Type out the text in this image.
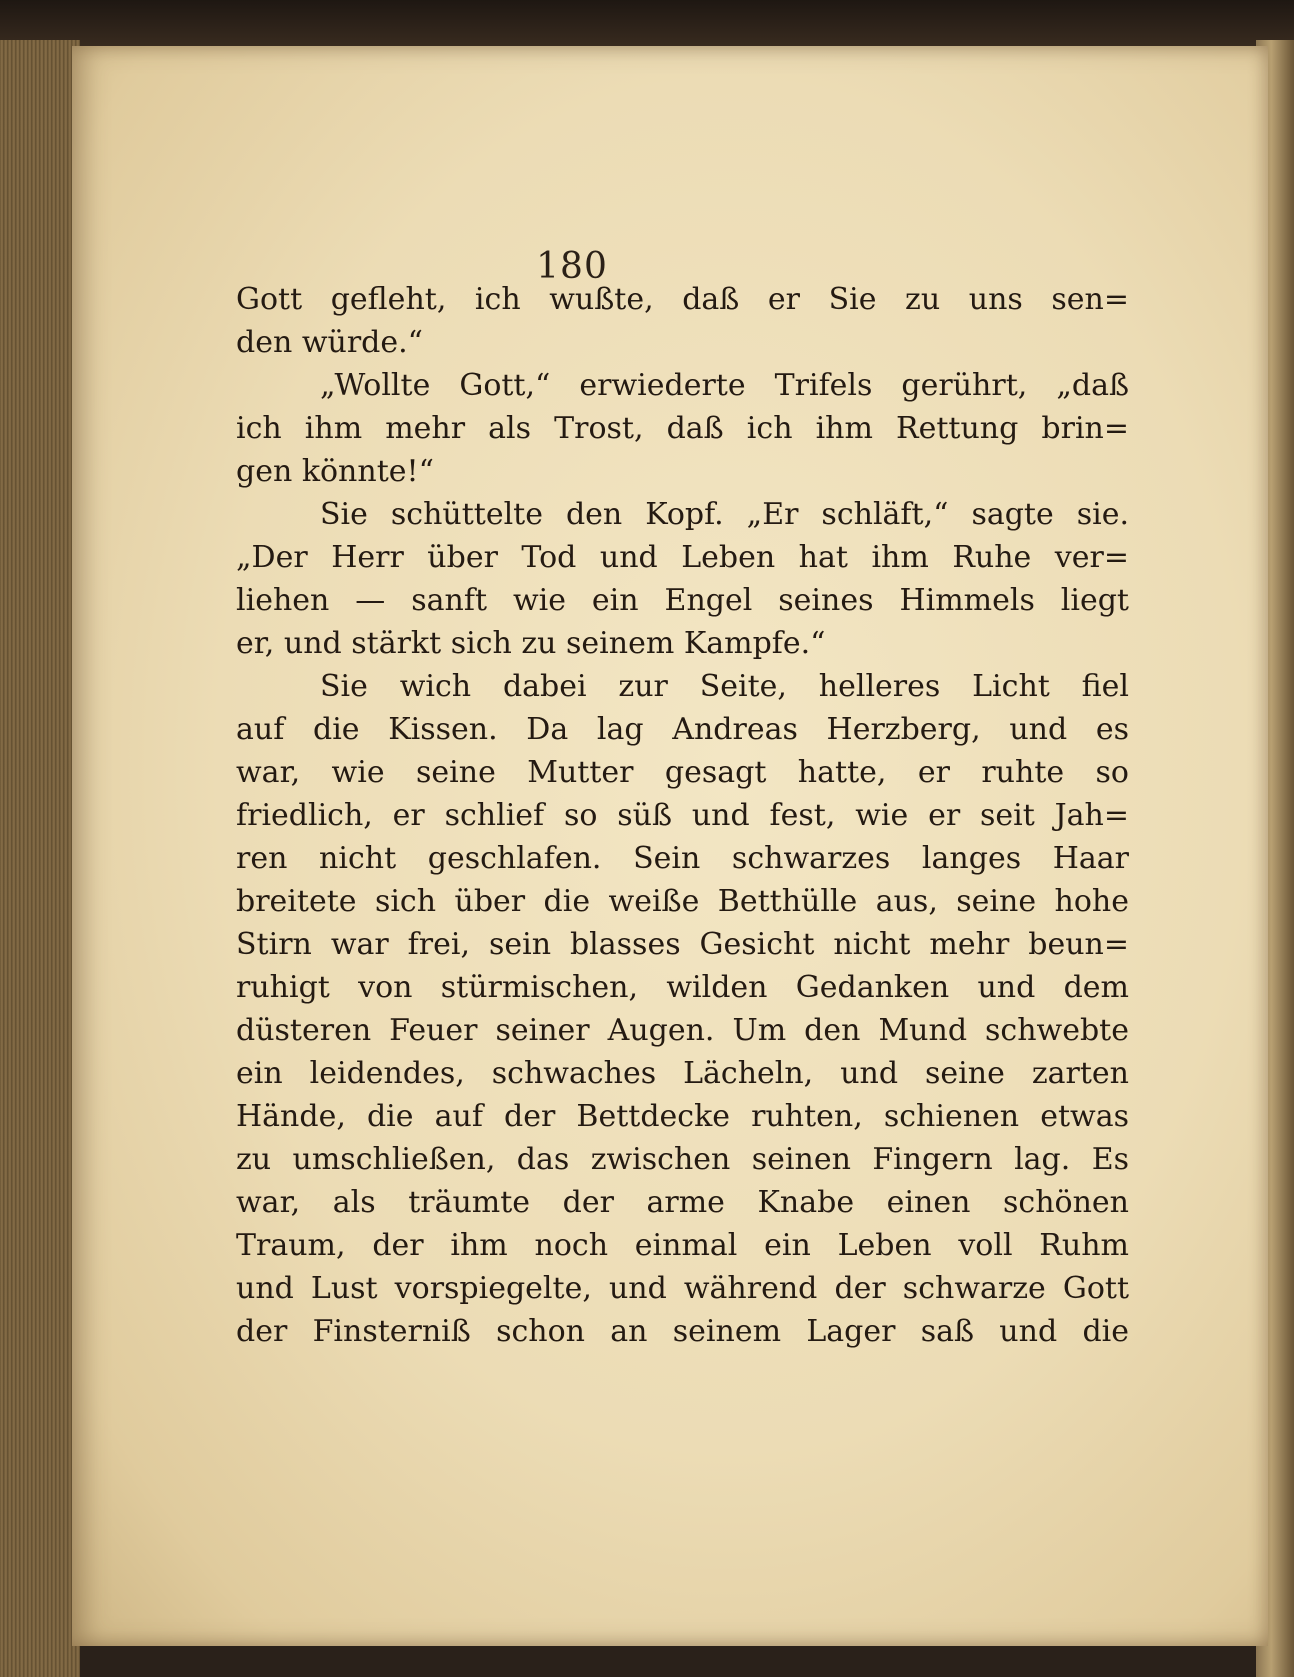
180
Gott gefleht, ich wußte, daß er Sie zu uns sen=
den würde.“
„Wollte Gott,“ erwiederte Trifels gerührt, „daß
ich ihm mehr als Trost, daß ich ihm Rettung brin=
gen könnte!“
Sie schüttelte den Kopf. „Er schläft,“ sagte sie.
„Der Herr über Tod und Leben hat ihm Ruhe ver=
liehen — sanft wie ein Engel seines Himmels liegt
er, und stärkt sich zu seinem Kampfe.“
Sie wich dabei zur Seite, helleres Licht fiel
auf die Kissen. Da lag Andreas Herzberg, und es
war, wie seine Mutter gesagt hatte, er ruhte so
friedlich, er schlief so süß und fest, wie er seit Jah=
ren nicht geschlafen. Sein schwarzes langes Haar
breitete sich über die weiße Betthülle aus, seine hohe
Stirn war frei, sein blasses Gesicht nicht mehr beun=
ruhigt von stürmischen, wilden Gedanken und dem
düsteren Feuer seiner Augen. Um den Mund schwebte
ein leidendes, schwaches Lächeln, und seine zarten
Hände, die auf der Bettdecke ruhten, schienen etwas
zu umschließen, das zwischen seinen Fingern lag. Es
war, als träumte der arme Knabe einen schönen
Traum, der ihm noch einmal ein Leben voll Ruhm
und Lust vorspiegelte, und während der schwarze Gott
der Finsterniß schon an seinem Lager saß und die
